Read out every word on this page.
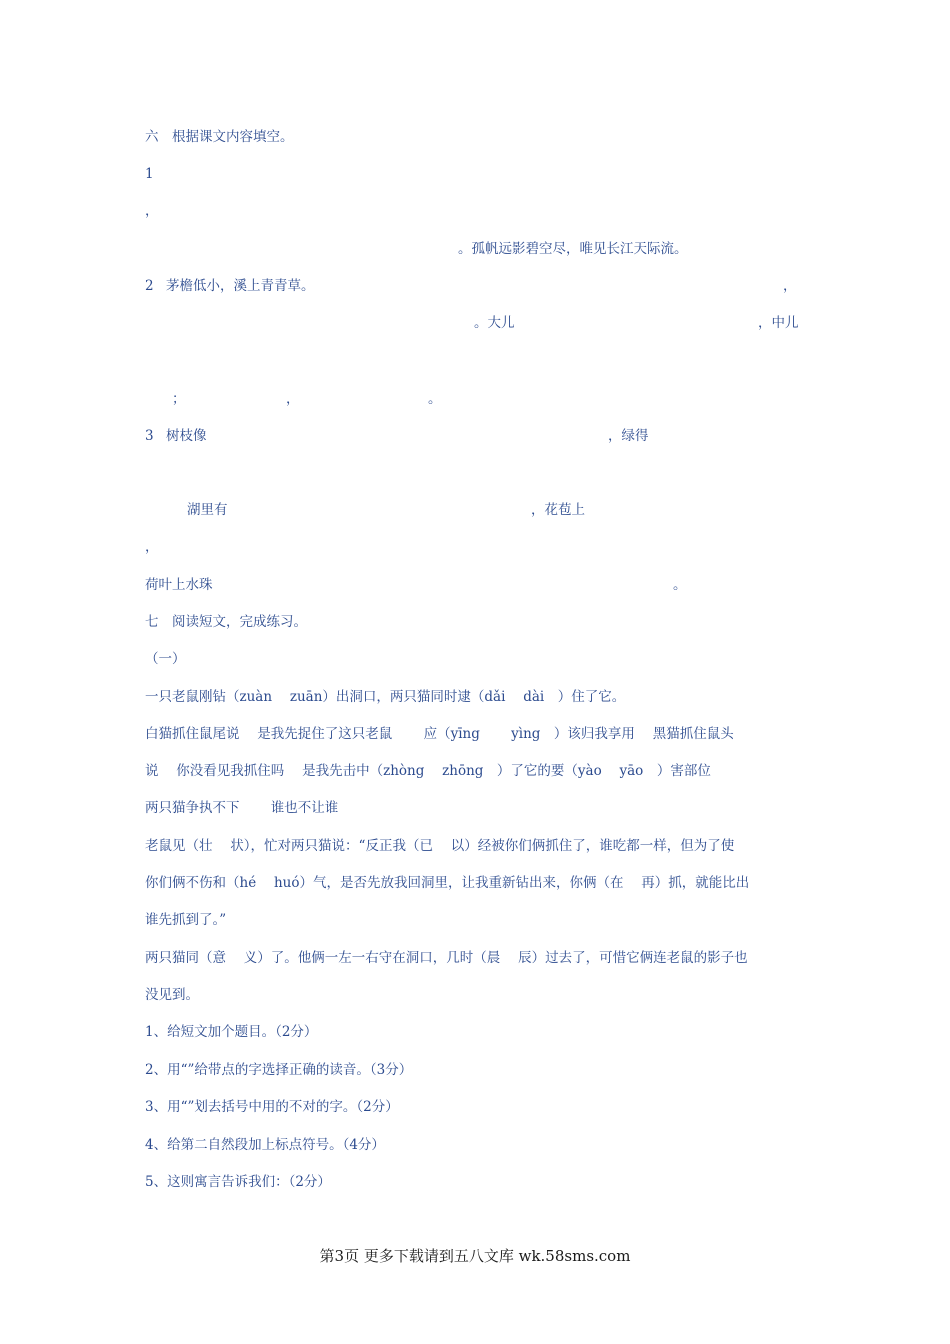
六　根据课文内容填空。
1
，
。孤帆远影碧空尽，唯见长江天际流。
2 茅檐低小，溪上青青草。	，
。大儿	，中儿
；	，	。
3 树枝像	，绿得
湖里有	，花苞上
，
荷叶上水珠	。
七　阅读短文，完成练习。
（一）
一只老鼠刚钻（zuàn　 zuān）出洞口，两只猫同时逮（dǎi　 dài　）住了它。
白猫抓住鼠尾说　 是我先捉住了这只老鼠　　 应（yīng　　 yìng　）该归我享用　 黑猫抓住鼠头
说　 你没看见我抓住吗　 是我先击中（zhòng　 zhōng　）了它的要（yào　 yāo　）害部位
两只猫争执不下　　 谁也不让谁
老鼠见（壮　 状），忙对两只猫说：“反正我（已　 以）经被你们俩抓住了，谁吃都一样，但为了使
你们俩不伤和（hé　 huó）气，是否先放我回洞里，让我重新钻出来，你俩（在　 再）抓，就能比出
谁先抓到了。”
两只猫同（意　 义）了。他俩一左一右守在洞口，几时（晨　 辰）过去了，可惜它俩连老鼠的影子也
没见到。
1、给短文加个题目。（2分）
2、用“”给带点的字选择正确的读音。（3分）
3、用“”划去括号中用的不对的字。（2分）
4、给第二自然段加上标点符号。（4分）
5、这则寓言告诉我们：（2分）
第3页 更多下载请到五八文库 wk.58sms.com
